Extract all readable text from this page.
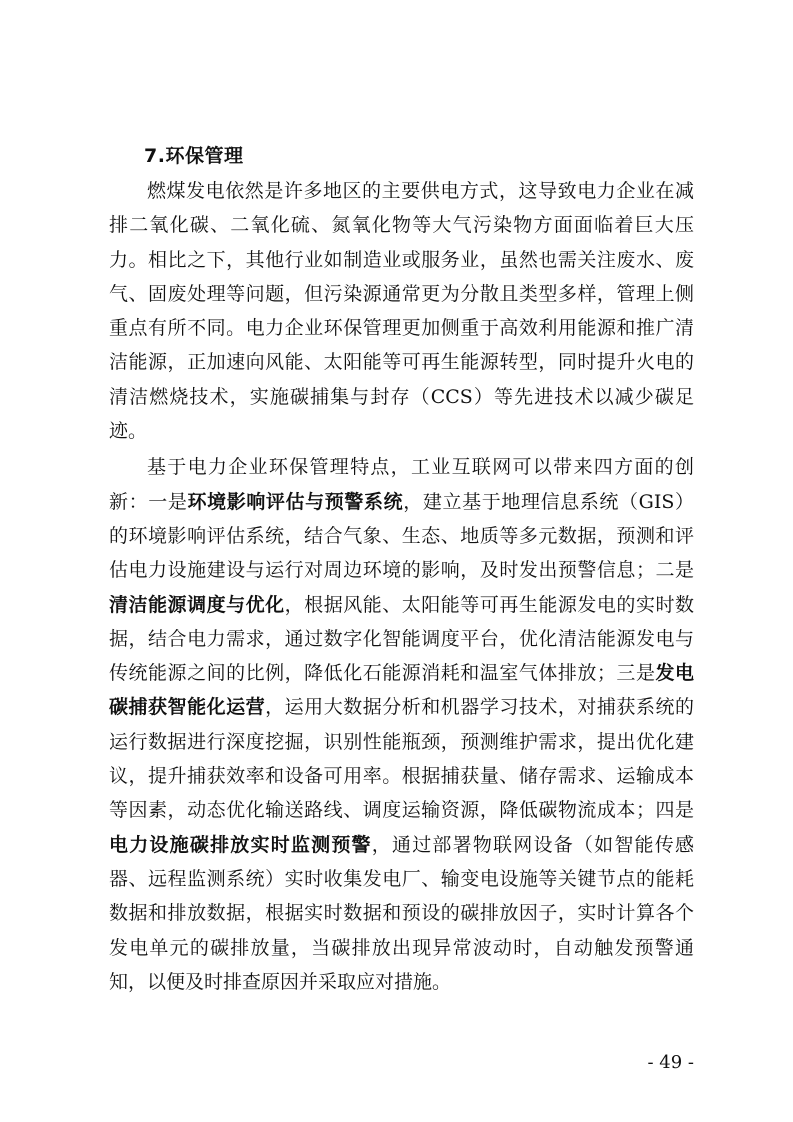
7.环保管理

燃煤发电依然是许多地区的主要供电方式，这导致电力企业在减排二氧化碳、二氧化硫、氮氧化物等大气污染物方面面临着巨大压力。相比之下，其他行业如制造业或服务业，虽然也需关注废水、废气、固废处理等问题，但污染源通常更为分散且类型多样，管理上侧重点有所不同。电力企业环保管理更加侧重于高效利用能源和推广清洁能源，正加速向风能、太阳能等可再生能源转型，同时提升火电的清洁燃烧技术，实施碳捕集与封存（CCS）等先进技术以减少碳足迹。

基于电力企业环保管理特点，工业互联网可以带来四方面的创新：一是环境影响评估与预警系统，建立基于地理信息系统（GIS）的环境影响评估系统，结合气象、生态、地质等多元数据，预测和评估电力设施建设与运行对周边环境的影响，及时发出预警信息；二是清洁能源调度与优化，根据风能、太阳能等可再生能源发电的实时数据，结合电力需求，通过数字化智能调度平台，优化清洁能源发电与传统能源之间的比例，降低化石能源消耗和温室气体排放；三是发电碳捕获智能化运营，运用大数据分析和机器学习技术，对捕获系统的运行数据进行深度挖掘，识别性能瓶颈，预测维护需求，提出优化建议，提升捕获效率和设备可用率。根据捕获量、储存需求、运输成本等因素，动态优化输送路线、调度运输资源，降低碳物流成本；四是电力设施碳排放实时监测预警，通过部署物联网设备（如智能传感器、远程监测系统）实时收集发电厂、输变电设施等关键节点的能耗数据和排放数据，根据实时数据和预设的碳排放因子，实时计算各个发电单元的碳排放量，当碳排放出现异常波动时，自动触发预警通知，以便及时排查原因并采取应对措施。

- 49 -
